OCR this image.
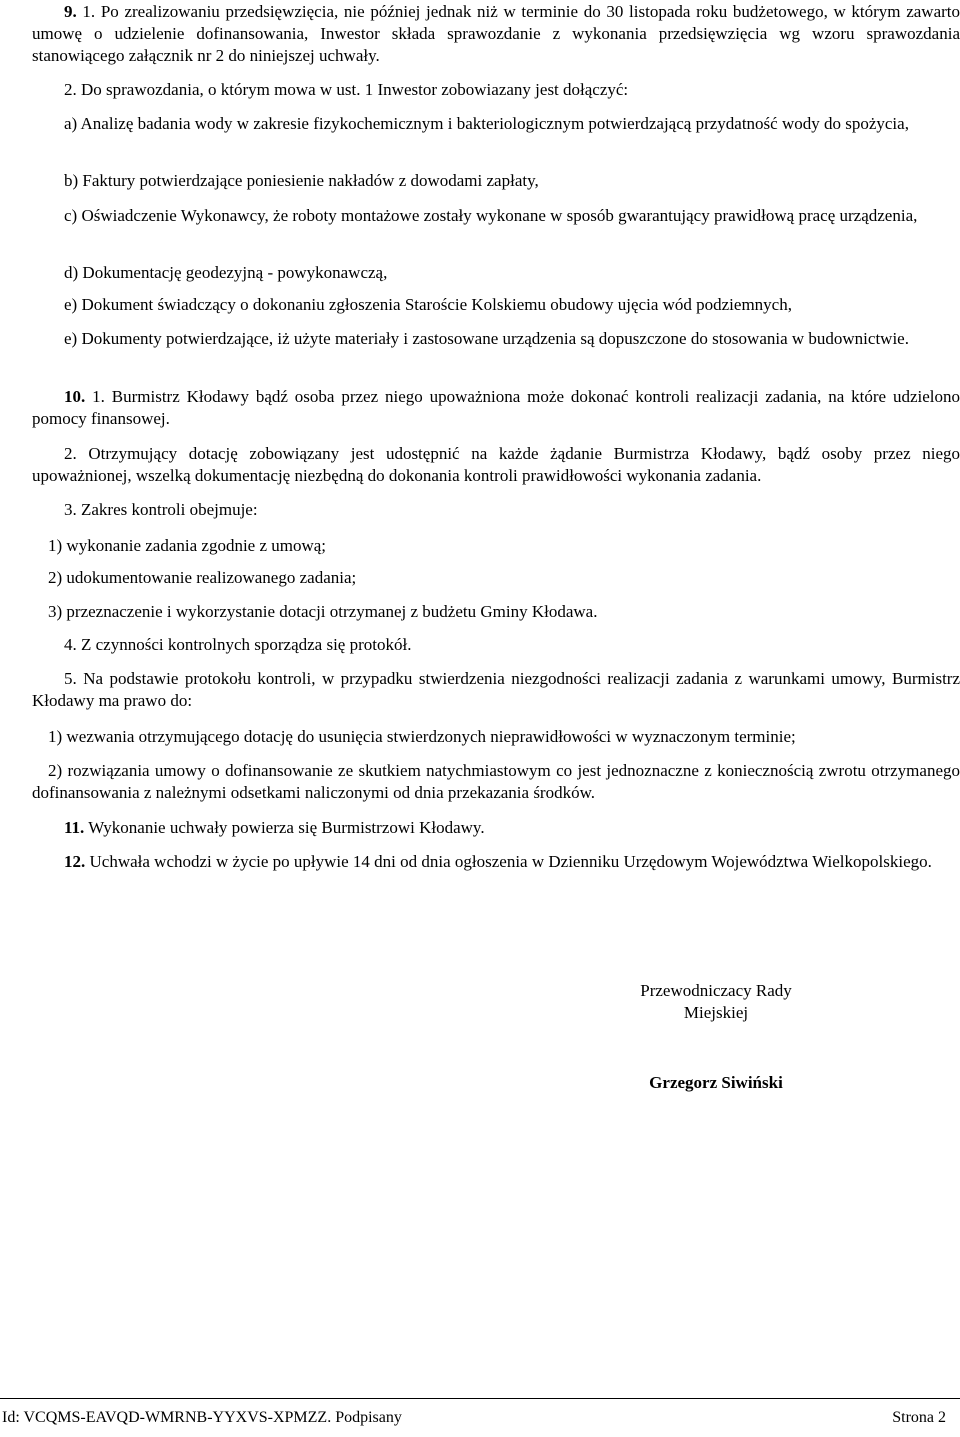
9. 1. Po zrealizowaniu przedsięwzięcia, nie później jednak niż w terminie do 30 listopada roku budżetowego, w którym zawarto umowę o udzielenie dofinansowania, Inwestor składa sprawozdanie z wykonania przedsięwzięcia wg wzoru sprawozdania stanowiącego załącznik nr 2 do niniejszej uchwały.

2. Do sprawozdania, o którym mowa w ust. 1 Inwestor zobowiazany jest dołączyć:

a) Analizę badania wody w zakresie fizykochemicznym i bakteriologicznym potwierdzającą przydatność wody do spożycia,

b) Faktury potwierdzające poniesienie nakładów z dowodami zapłaty,

c) Oświadczenie Wykonawcy, że roboty montażowe zostały wykonane w sposób gwarantujący prawidłową pracę urządzenia,

d) Dokumentację geodezyjną - powykonawczą,

e) Dokument świadczący o dokonaniu zgłoszenia Staroście Kolskiemu obudowy ujęcia wód podziemnych,

e) Dokumenty potwierdzające, iż użyte materiały i zastosowane urządzenia są dopuszczone do stosowania w budownictwie.

10. 1. Burmistrz Kłodawy bądź osoba przez niego upoważniona może dokonać kontroli realizacji zadania, na które udzielono pomocy finansowej.

2. Otrzymujący dotację zobowiązany jest udostępnić na każde żądanie Burmistrza Kłodawy, bądź osoby przez niego upoważnionej, wszelką dokumentację niezbędną do dokonania kontroli prawidłowości wykonania zadania.

3. Zakres kontroli obejmuje:

1) wykonanie zadania zgodnie z umową;

2) udokumentowanie realizowanego zadania;

3) przeznaczenie i wykorzystanie dotacji otrzymanej z budżetu Gminy Kłodawa.

4. Z czynności kontrolnych sporządza się protokół.

5. Na podstawie protokołu kontroli, w przypadku stwierdzenia niezgodności realizacji zadania z warunkami umowy, Burmistrz Kłodawy ma prawo do:

1) wezwania otrzymującego dotację do usunięcia stwierdzonych nieprawidłowości w wyznaczonym terminie;

2) rozwiązania umowy o dofinansowanie ze skutkiem natychmiastowym co jest jednoznaczne z koniecznością zwrotu otrzymanego dofinansowania z należnymi odsetkami naliczonymi od dnia przekazania środków.

11. Wykonanie uchwały powierza się Burmistrzowi Kłodawy.

12. Uchwała wchodzi w życie po upływie 14 dni od dnia ogłoszenia w Dzienniku Urzędowym Województwa Wielkopolskiego.

Przewodniczacy Rady
Miejskiej
Grzegorz Siwiński
Id: VCQMS-EAVQD-WMRNB-YYXVS-XPMZZ. Podpisany	Strona 2
